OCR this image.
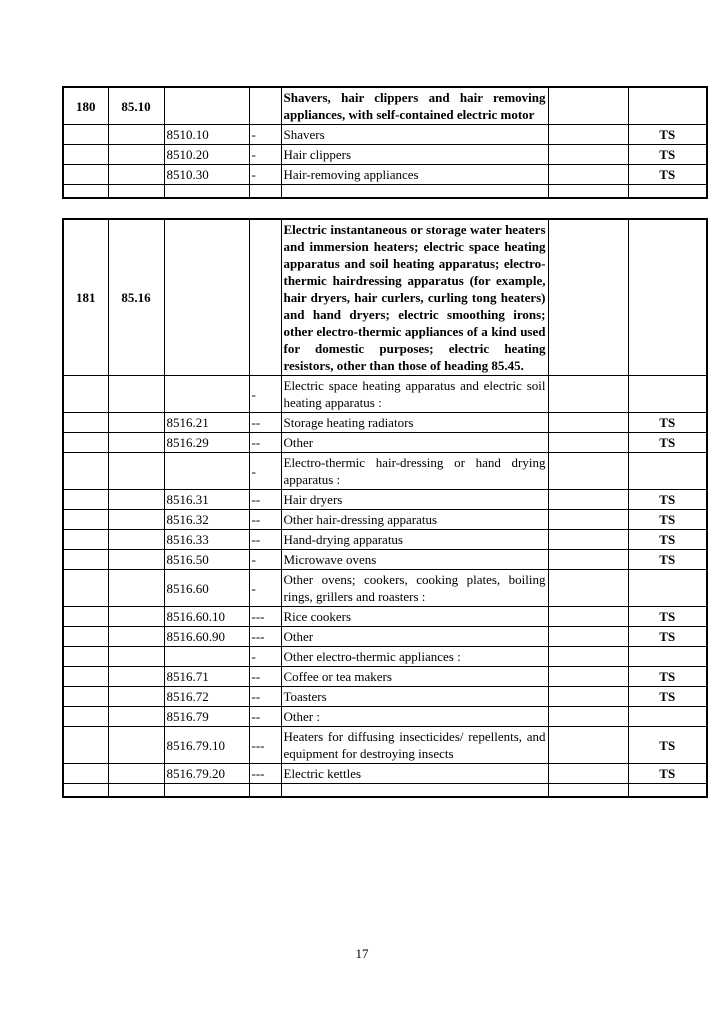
180	85.10			Shavers, hair clippers and hair removing appliances, with self-contained electric motor		
		8510.10	-	Shavers		TS
		8510.20	-	Hair clippers		TS
		8510.30	-	Hair-removing appliances		TS

181	85.16			Electric instantaneous or storage water heaters and immersion heaters; electric space heating apparatus and soil heating apparatus; electro-thermic hairdressing apparatus (for example, hair dryers, hair curlers, curling tong heaters) and hand dryers; electric smoothing irons; other electro-thermic appliances of a kind used for domestic purposes; electric heating resistors, other than those of heading 85.45.		
			-	Electric space heating apparatus and electric soil heating apparatus :		
		8516.21	--	Storage heating radiators		TS
		8516.29	--	Other		TS
			-	Electro-thermic hair-dressing or hand drying apparatus :		
		8516.31	--	Hair dryers		TS
		8516.32	--	Other hair-dressing apparatus		TS
		8516.33	--	Hand-drying apparatus		TS
		8516.50	-	Microwave ovens		TS
		8516.60	-	Other ovens; cookers, cooking plates, boiling rings, grillers and roasters :		
		8516.60.10	---	Rice cookers		TS
		8516.60.90	---	Other		TS
			-	Other electro-thermic appliances :		
		8516.71	--	Coffee or tea makers		TS
		8516.72	--	Toasters		TS
		8516.79	--	Other :		
		8516.79.10	---	Heaters for diffusing insecticides/ repellents, and equipment for destroying insects		TS
		8516.79.20	---	Electric kettles		TS

17
